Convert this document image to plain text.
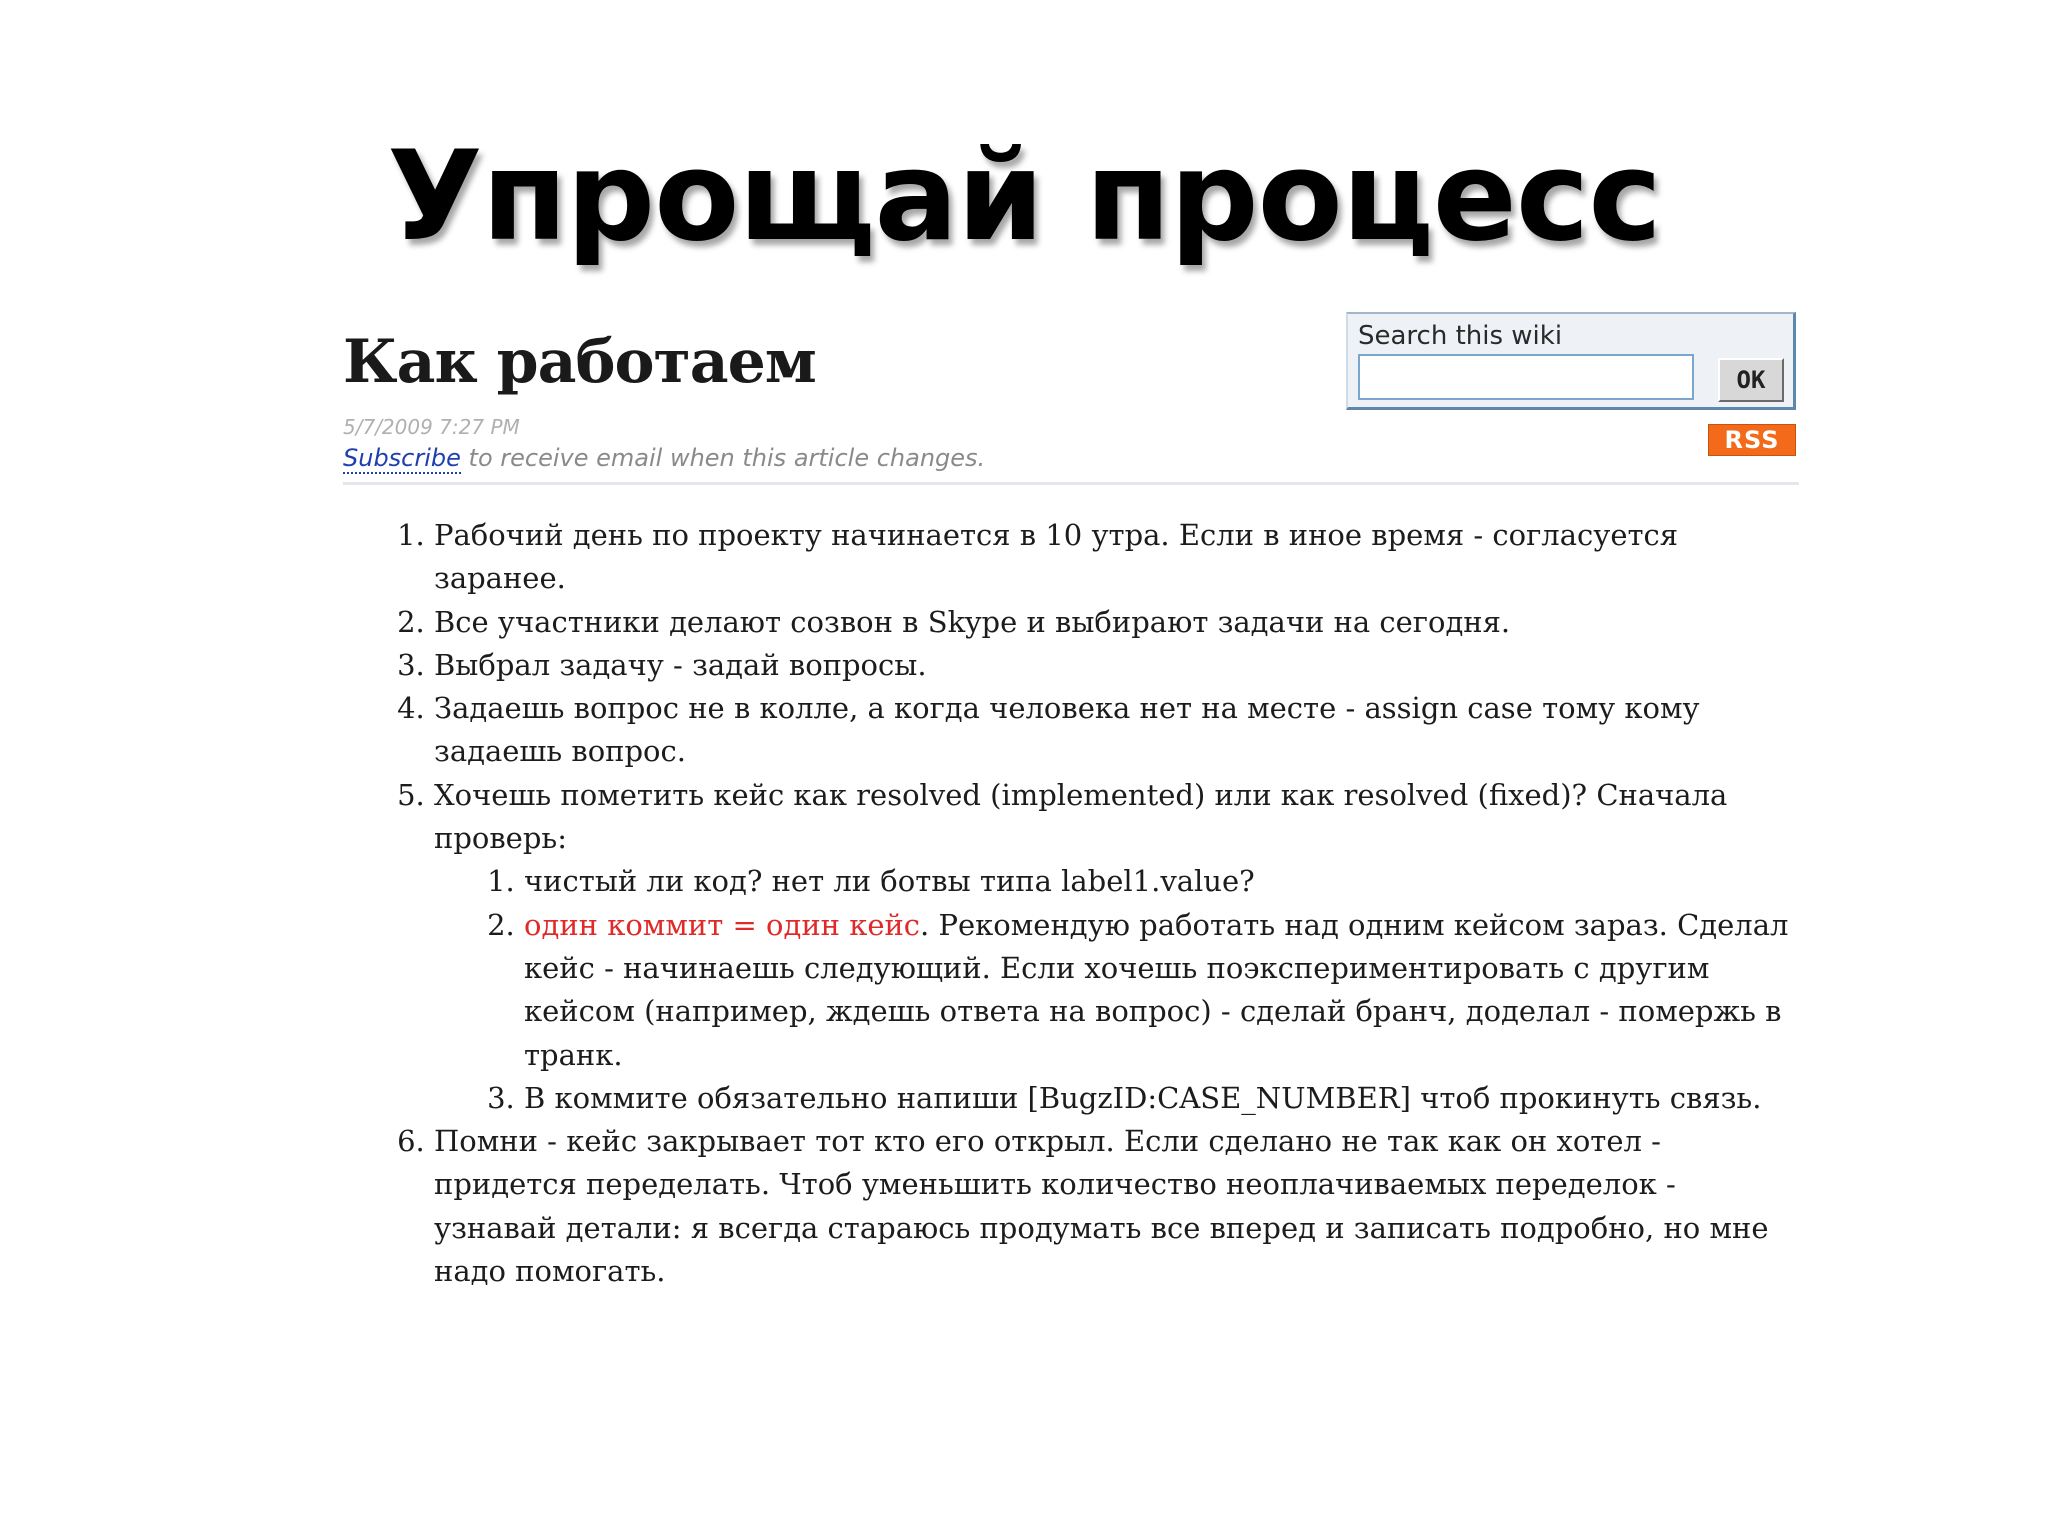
Упрощай процесс
Как работаем
5/7/2009 7:27 PM
Subscribe to receive email when this article changes.
Search this wiki
OK
RSS
1. Рабочий день по проекту начинается в 10 утра. Если в иное время - согласуется заранее.
2. Все участники делают созвон в Skype и выбирают задачи на сегодня.
3. Выбрал задачу - задай вопросы.
4. Задаешь вопрос не в колле, а когда человека нет на месте - assign case тому кому задаешь вопрос.
5. Хочешь пометить кейс как resolved (implemented) или как resolved (fixed)? Сначала проверь:
1. чистый ли код? нет ли ботвы типа label1.value?
2. один коммит = один кейс. Рекомендую работать над одним кейсом зараз. Сделал кейс - начинаешь следующий. Если хочешь поэкспериментировать с другим кейсом (например, ждешь ответа на вопрос) - сделай бранч, доделал - помержь в транк.
3. В коммите обязательно напиши [BugzID:CASE_NUMBER] чтоб прокинуть связь.
6. Помни - кейс закрывает тот кто его открыл. Если сделано не так как он хотел - придется переделать. Чтоб уменьшить количество неоплачиваемых переделок - узнавай детали: я всегда стараюсь продумать все вперед и записать подробно, но мне надо помогать.
